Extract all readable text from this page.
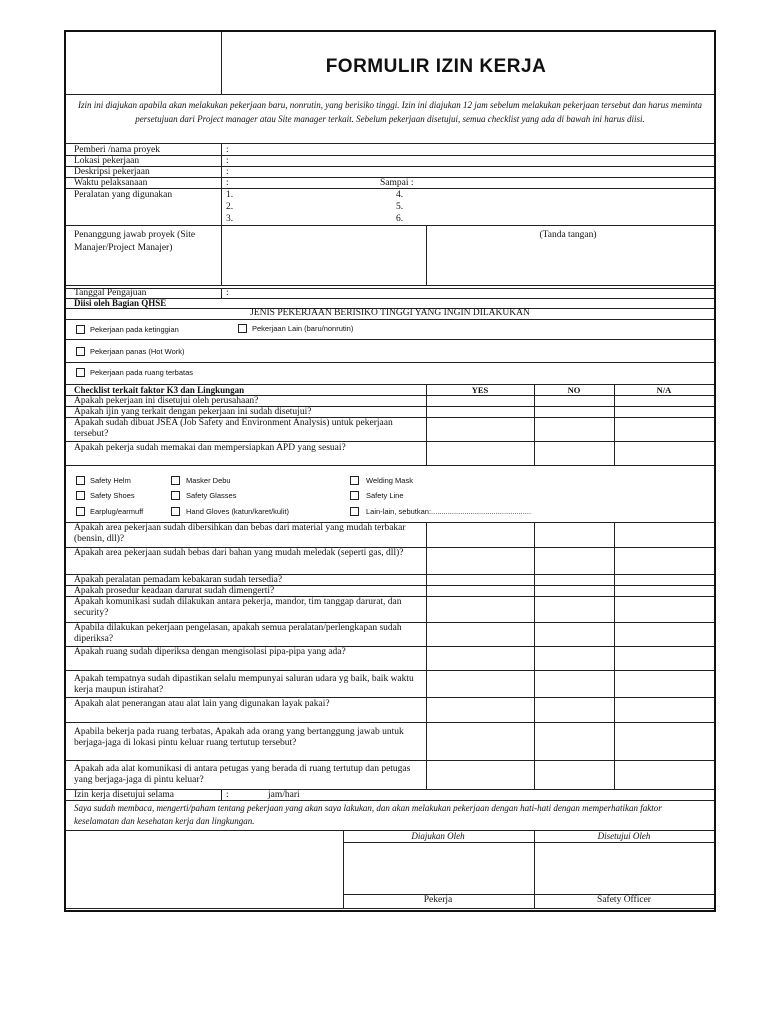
FORMULIR IZIN KERJA
Izin ini diajukan apabila akan melakukan pekerjaan baru, nonrutin, yang berisiko tinggi. Izin ini diajukan 12 jam sebelum melakukan pekerjaan tersebut dan harus meminta persetujuan dari Project manager atau Site manager terkait. Sebelum pekerjaan disetujui, semua checklist yang ada di bawah ini harus diisi.
Pemberi /nama proyek	:
Lokasi pekerjaan	:
Deskripsi pekerjaan	:
Waktu pelaksanaan	:	Sampai :
Peralatan yang digunakan	1.
2.
3.
4.
5.
6.
Penanggung jawab proyek (Site Manajer/Project Manajer)
(Tanda tangan)
Tanggal Pengajuan	:
Diisi oleh Bagian QHSE
JENIS PEKERJAAN BERISIKO TINGGI YANG INGIN DILAKUKAN
Pekerjaan pada ketinggian	Pekerjaan Lain (baru/nonrutin)
Pekerjaan panas (Hot Work)
Pekerjaan pada ruang terbatas
Checklist terkait faktor K3 dan Lingkungan	YES	NO	N/A
Apakah pekerjaan ini disetujui oleh perusahaan?
Apakah ijin yang terkait dengan pekerjaan ini sudah disetujui?
Apakah sudah dibuat JSEA (Job Safety and Environment Analysis) untuk pekerjaan tersebut?
Apakah pekerja sudah memakai dan mempersiapkan APD yang sesuai?
Safety Helm	Masker Debu	Welding Mask
Safety Shoes	Safety Glasses	Safety Line
Earplug/earmuff	Hand Gloves (katun/karet/kulit)	Lain-lain, sebutkan:................................................
Apakah area pekerjaan sudah dibersihkan dan bebas dari material yang mudah terbakar (bensin, dll)?
Apakah area pekerjaan sudah bebas dari bahan yang mudah meledak (seperti gas, dll)?
Apakah peralatan pemadam kebakaran sudah tersedia?
Apakah prosedur keadaan darurat sudah dimengerti?
Apakah komunikasi sudah dilakukan antara pekerja, mandor, tim tanggap darurat, dan security?
Apabila dilakukan pekerjaan pengelasan, apakah semua peralatan/perlengkapan sudah diperiksa?
Apakah ruang sudah diperiksa dengan mengisolasi pipa-pipa yang ada?
Apakah tempatnya sudah dipastikan selalu mempunyai saluran udara yg baik, baik waktu kerja maupun istirahat?
Apakah alat penerangan atau alat lain yang digunakan layak pakai?
Apabila bekerja pada ruang terbatas, Apakah ada orang yang bertanggung jawab untuk berjaga-jaga di lokasi pintu keluar ruang tertutup tersebut?
Apakah ada alat komunikasi di antara petugas yang berada di ruang tertutup dan petugas yang berjaga-jaga di pintu keluar?
Izin kerja disetujui selama	:	jam/hari
Saya sudah membaca, mengerti/paham tentang pekerjaan yang akan saya lakukan, dan akan melakukan pekerjaan dengan hati-hati dengan memperhatikan faktor keselamatan dan kesehatan kerja dan lingkungan.
Diajukan Oleh	Disetujui Oleh
Pekerja	Safety Officer
